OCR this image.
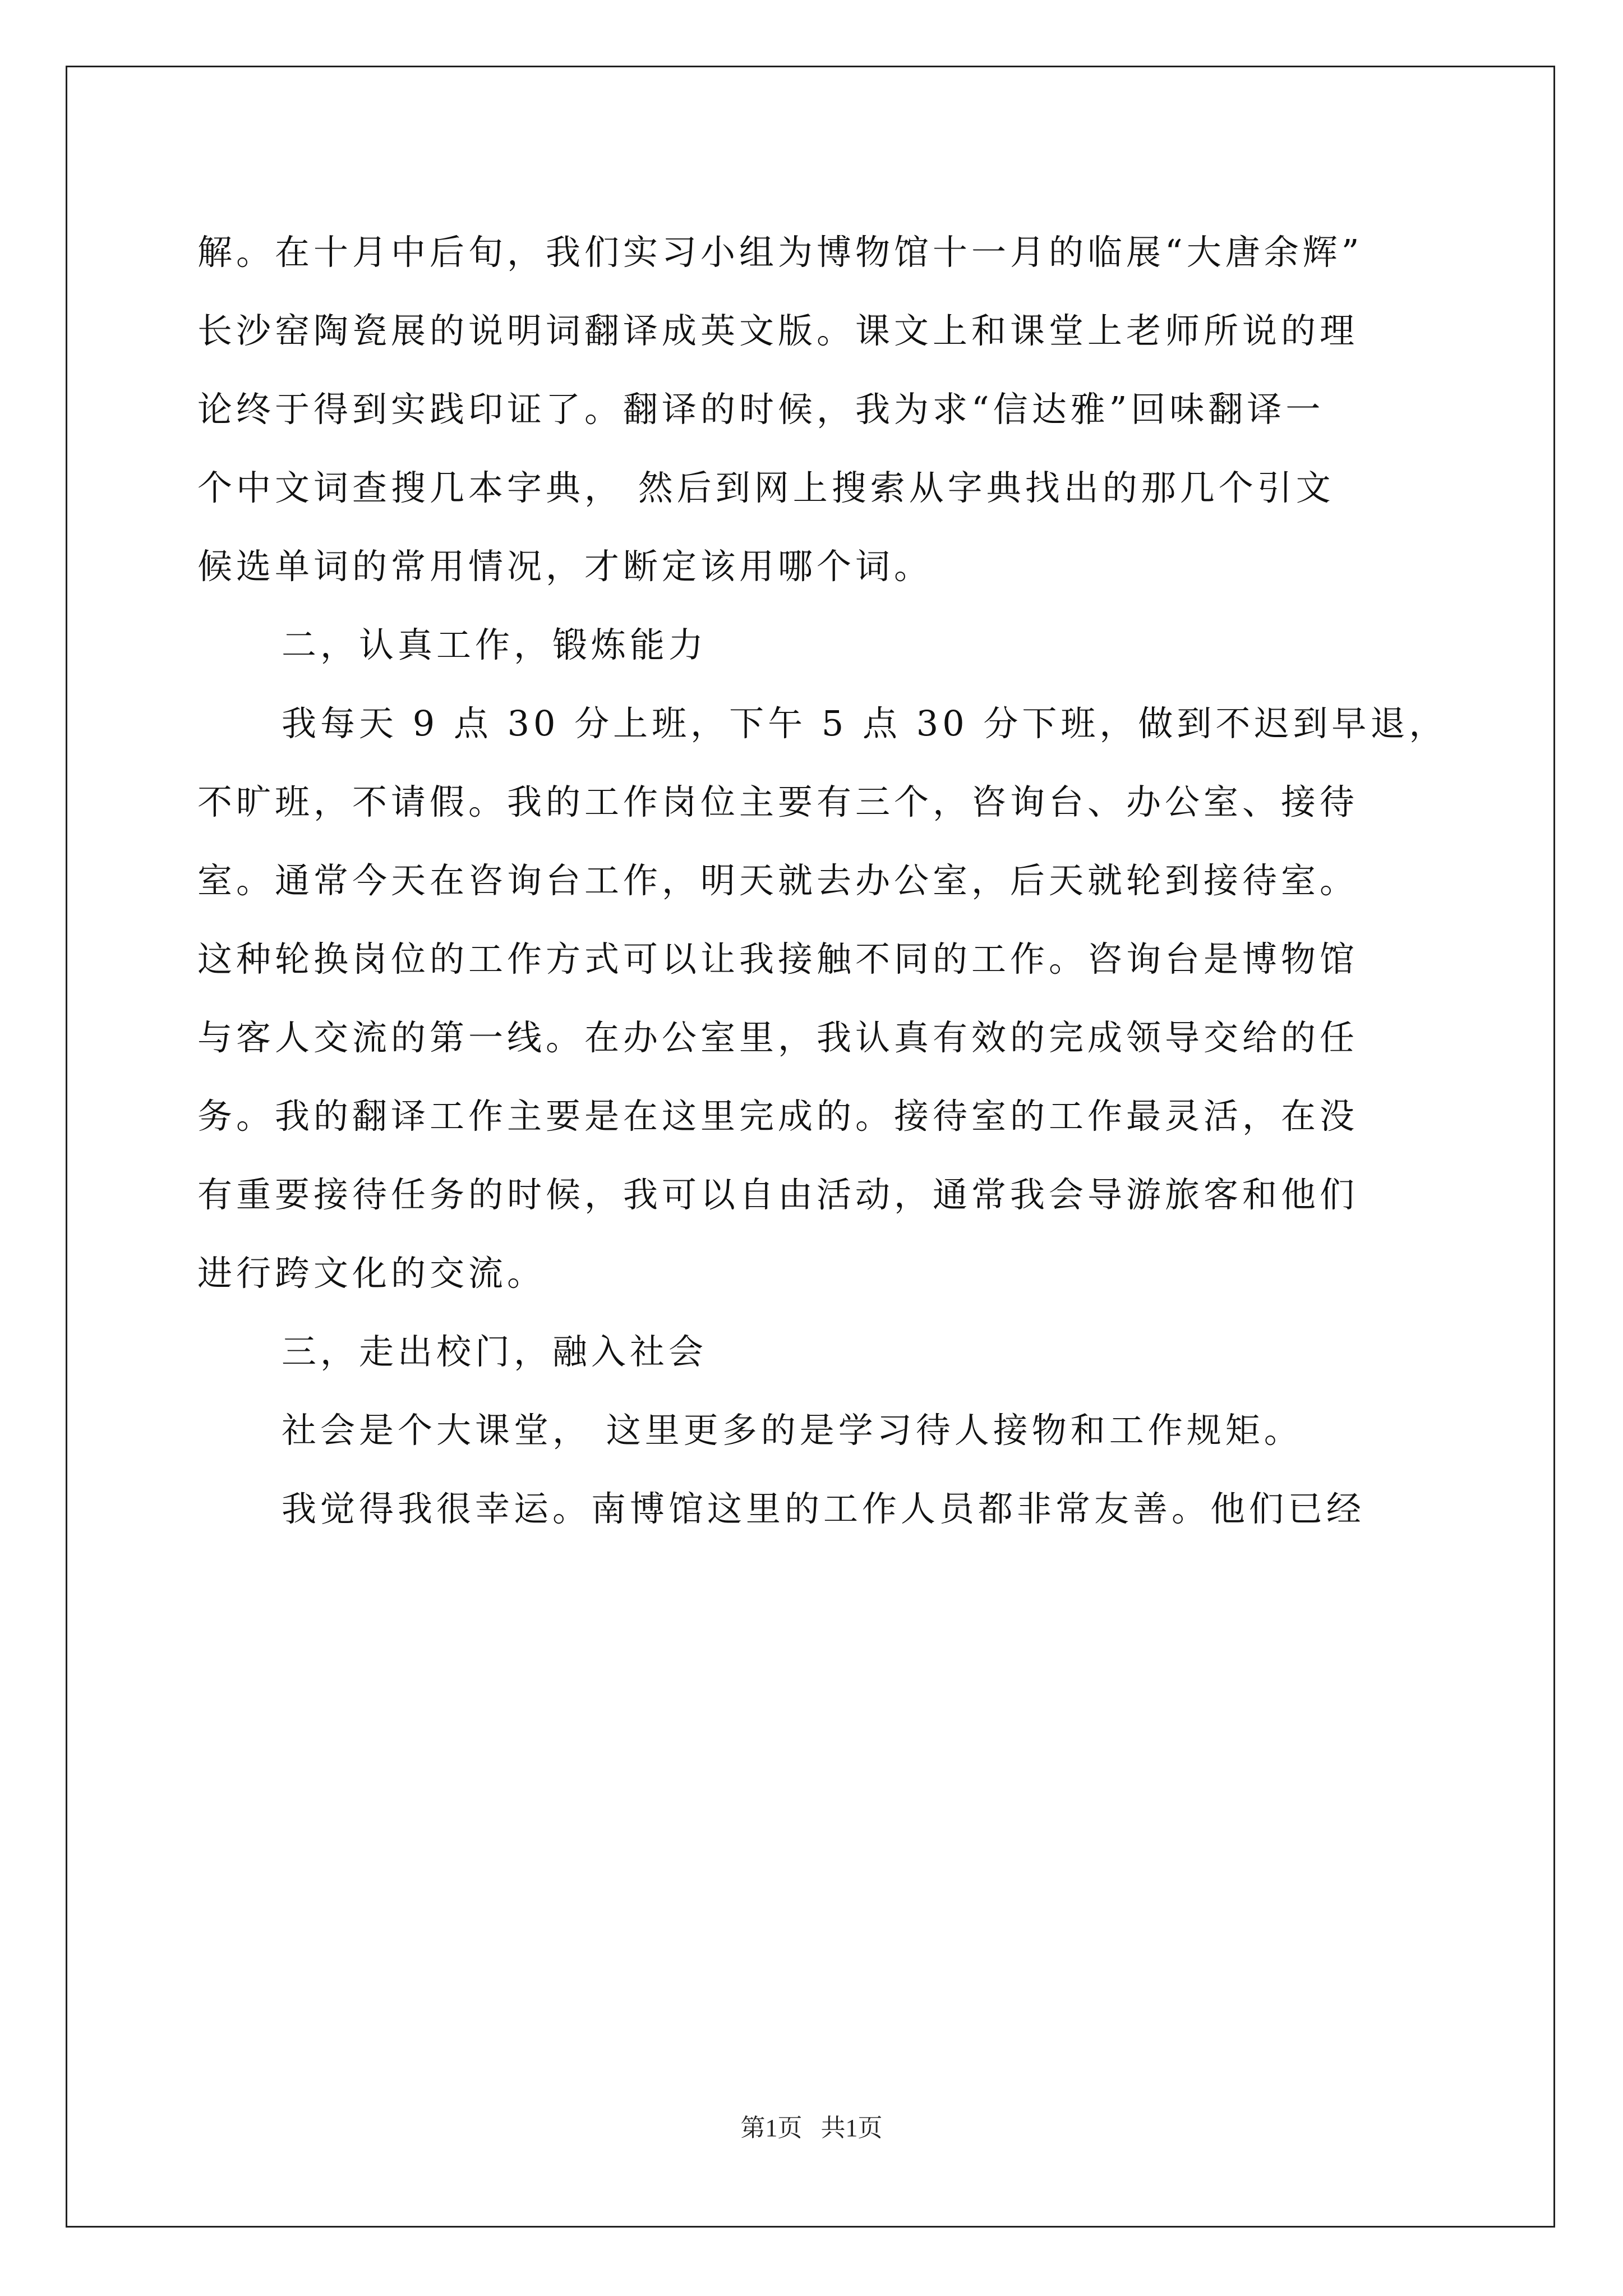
解。在十月中后旬，我们实习小组为博物馆十一月的临展“大唐余辉”

长沙窑陶瓷展的说明词翻译成英文版。课文上和课堂上老师所说的理

论终于得到实践印证了。翻译的时候，我为求“信达雅”回味翻译一

个中文词查搜几本字典， 然后到网上搜索从字典找出的那几个引文

候选单词的常用情况，才断定该用哪个词。

二，认真工作，锻炼能力

我每天 9 点 30 分上班，下午 5 点 30 分下班，做到不迟到早退，

不旷班，不请假。我的工作岗位主要有三个，咨询台、办公室、接待

室。通常今天在咨询台工作，明天就去办公室，后天就轮到接待室。

这种轮换岗位的工作方式可以让我接触不同的工作。咨询台是博物馆

与客人交流的第一线。在办公室里，我认真有效的完成领导交给的任

务。我的翻译工作主要是在这里完成的。接待室的工作最灵活，在没

有重要接待任务的时候，我可以自由活动，通常我会导游旅客和他们

进行跨文化的交流。

三，走出校门，融入社会

社会是个大课堂， 这里更多的是学习待人接物和工作规矩。

我觉得我很幸运。南博馆这里的工作人员都非常友善。他们已经

第1页   共1页
